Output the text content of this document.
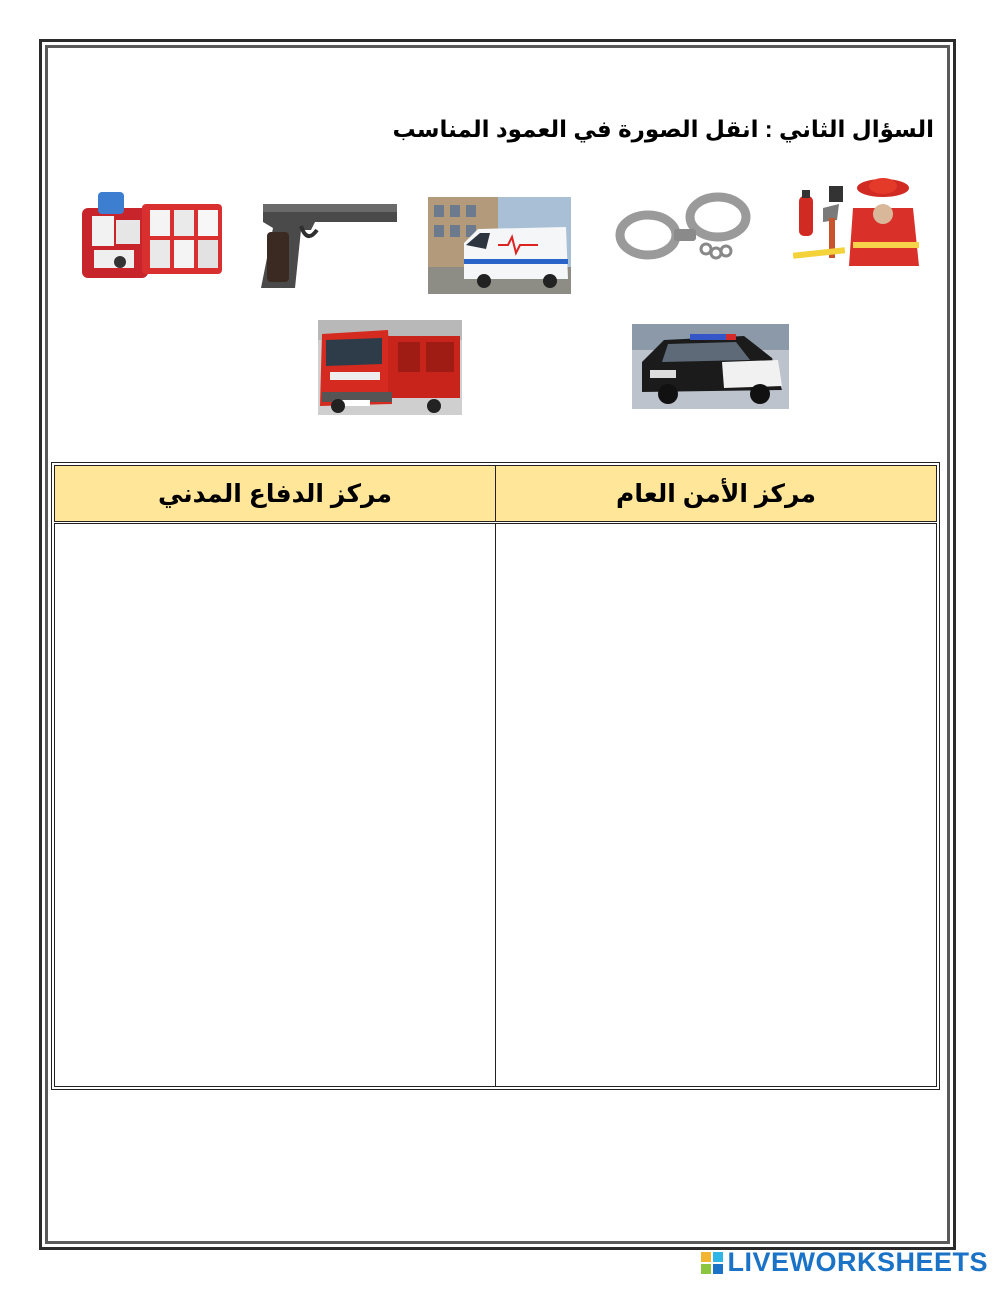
السؤال الثاني : انقل الصورة في العمود المناسب
مركز الأمن العام
مركز الدفاع المدني
LIVEWORKSHEETS
